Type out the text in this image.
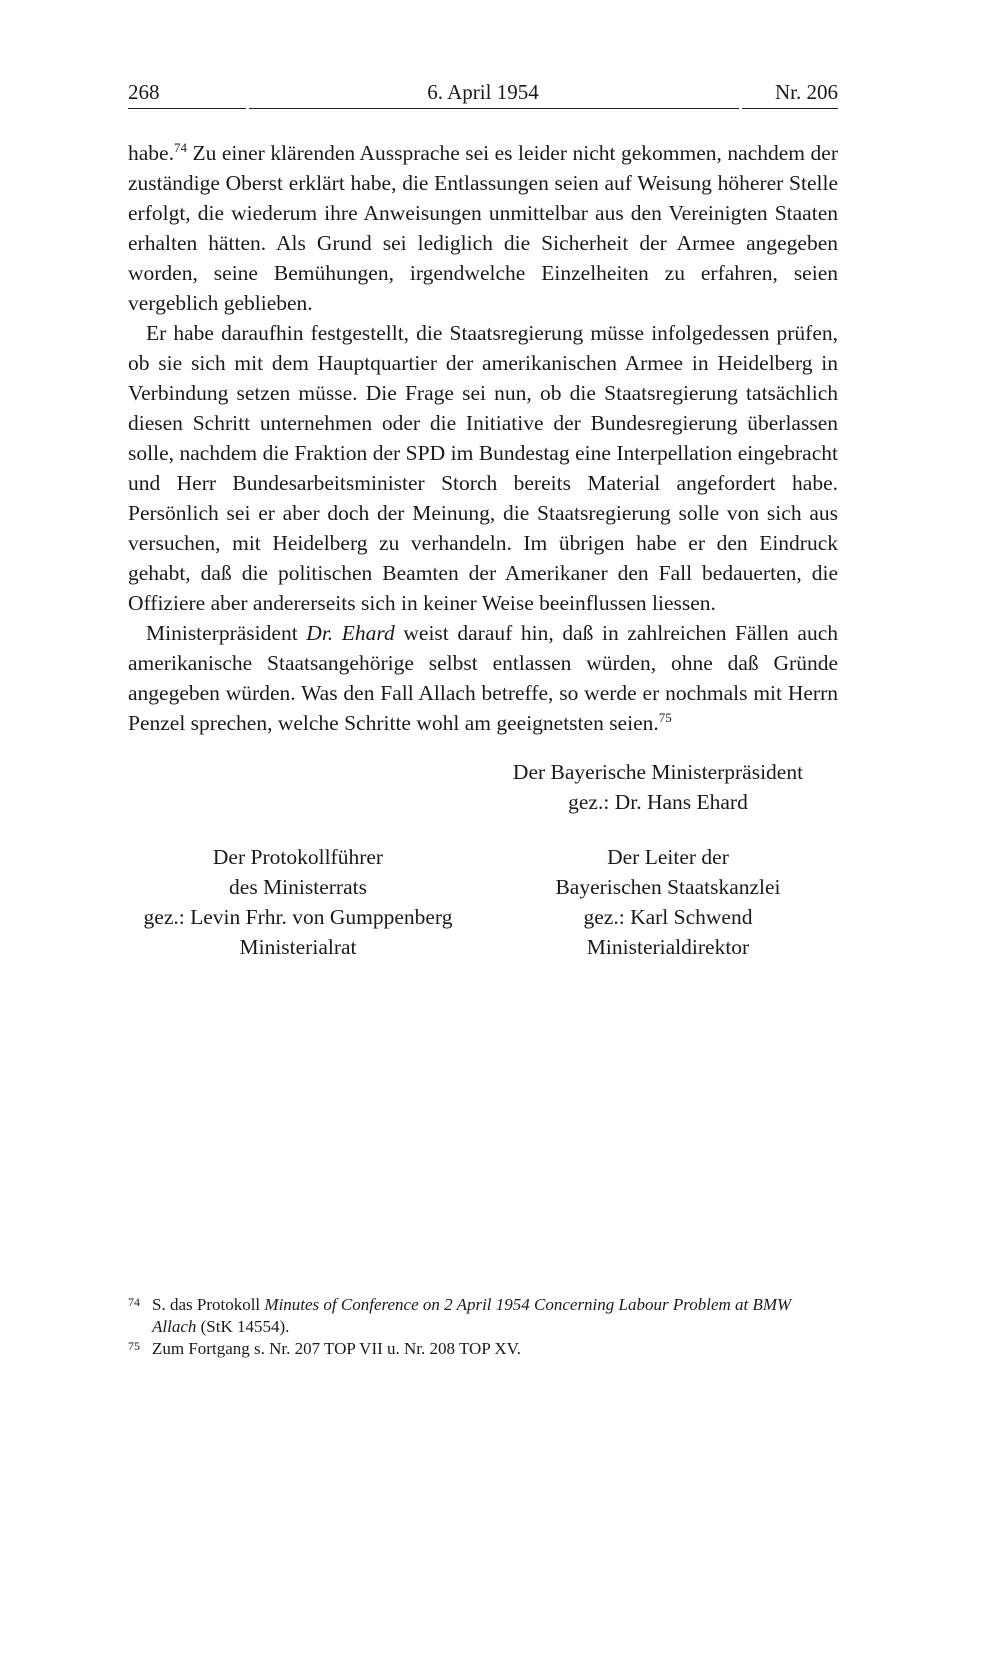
268	6. April 1954	Nr. 206

habe.$^{74}$ Zu einer klärenden Aussprache sei es leider nicht gekommen, nachdem der zuständige Oberst erklärt habe, die Entlassungen seien auf Weisung höherer Stelle erfolgt, die wiederum ihre Anweisungen unmittelbar aus den Vereinigten Staaten erhalten hätten. Als Grund sei lediglich die Sicherheit der Armee angegeben worden, seine Bemühungen, irgendwelche Einzelheiten zu erfahren, seien vergeblich geblieben.

Er habe daraufhin festgestellt, die Staatsregierung müsse infolgedessen prüfen, ob sie sich mit dem Hauptquartier der amerikanischen Armee in Heidelberg in Verbindung setzen müsse. Die Frage sei nun, ob die Staatsregierung tatsächlich diesen Schritt unternehmen oder die Initiative der Bundesregierung überlassen solle, nachdem die Fraktion der SPD im Bundestag eine Interpellation eingebracht und Herr Bundesarbeitsminister Storch bereits Material angefordert habe. Persönlich sei er aber doch der Meinung, die Staatsregierung solle von sich aus versuchen, mit Heidelberg zu verhandeln. Im übrigen habe er den Eindruck gehabt, daß die politischen Beamten der Amerikaner den Fall bedauerten, die Offiziere aber andererseits sich in keiner Weise beeinflussen liessen.

Ministerpräsident Dr. Ehard weist darauf hin, daß in zahlreichen Fällen auch amerikanische Staatsangehörige selbst entlassen würden, ohne daß Gründe angegeben würden. Was den Fall Allach betreffe, so werde er nochmals mit Herrn Penzel sprechen, welche Schritte wohl am geeignetsten seien.$^{75}$

Der Bayerische Ministerpräsident
gez.: Dr. Hans Ehard
Der Protokollführer
des Ministerrats
gez.: Levin Frhr. von Gumppenberg
Ministerialrat
Der Leiter der
Bayerischen Staatskanzlei
gez.: Karl Schwend
Ministerialdirektor
74 S. das Protokoll Minutes of Conference on 2 April 1954 Concerning Labour Problem at BMW Allach (StK 14554).
75 Zum Fortgang s. Nr. 207 TOP VII u. Nr. 208 TOP XV.
